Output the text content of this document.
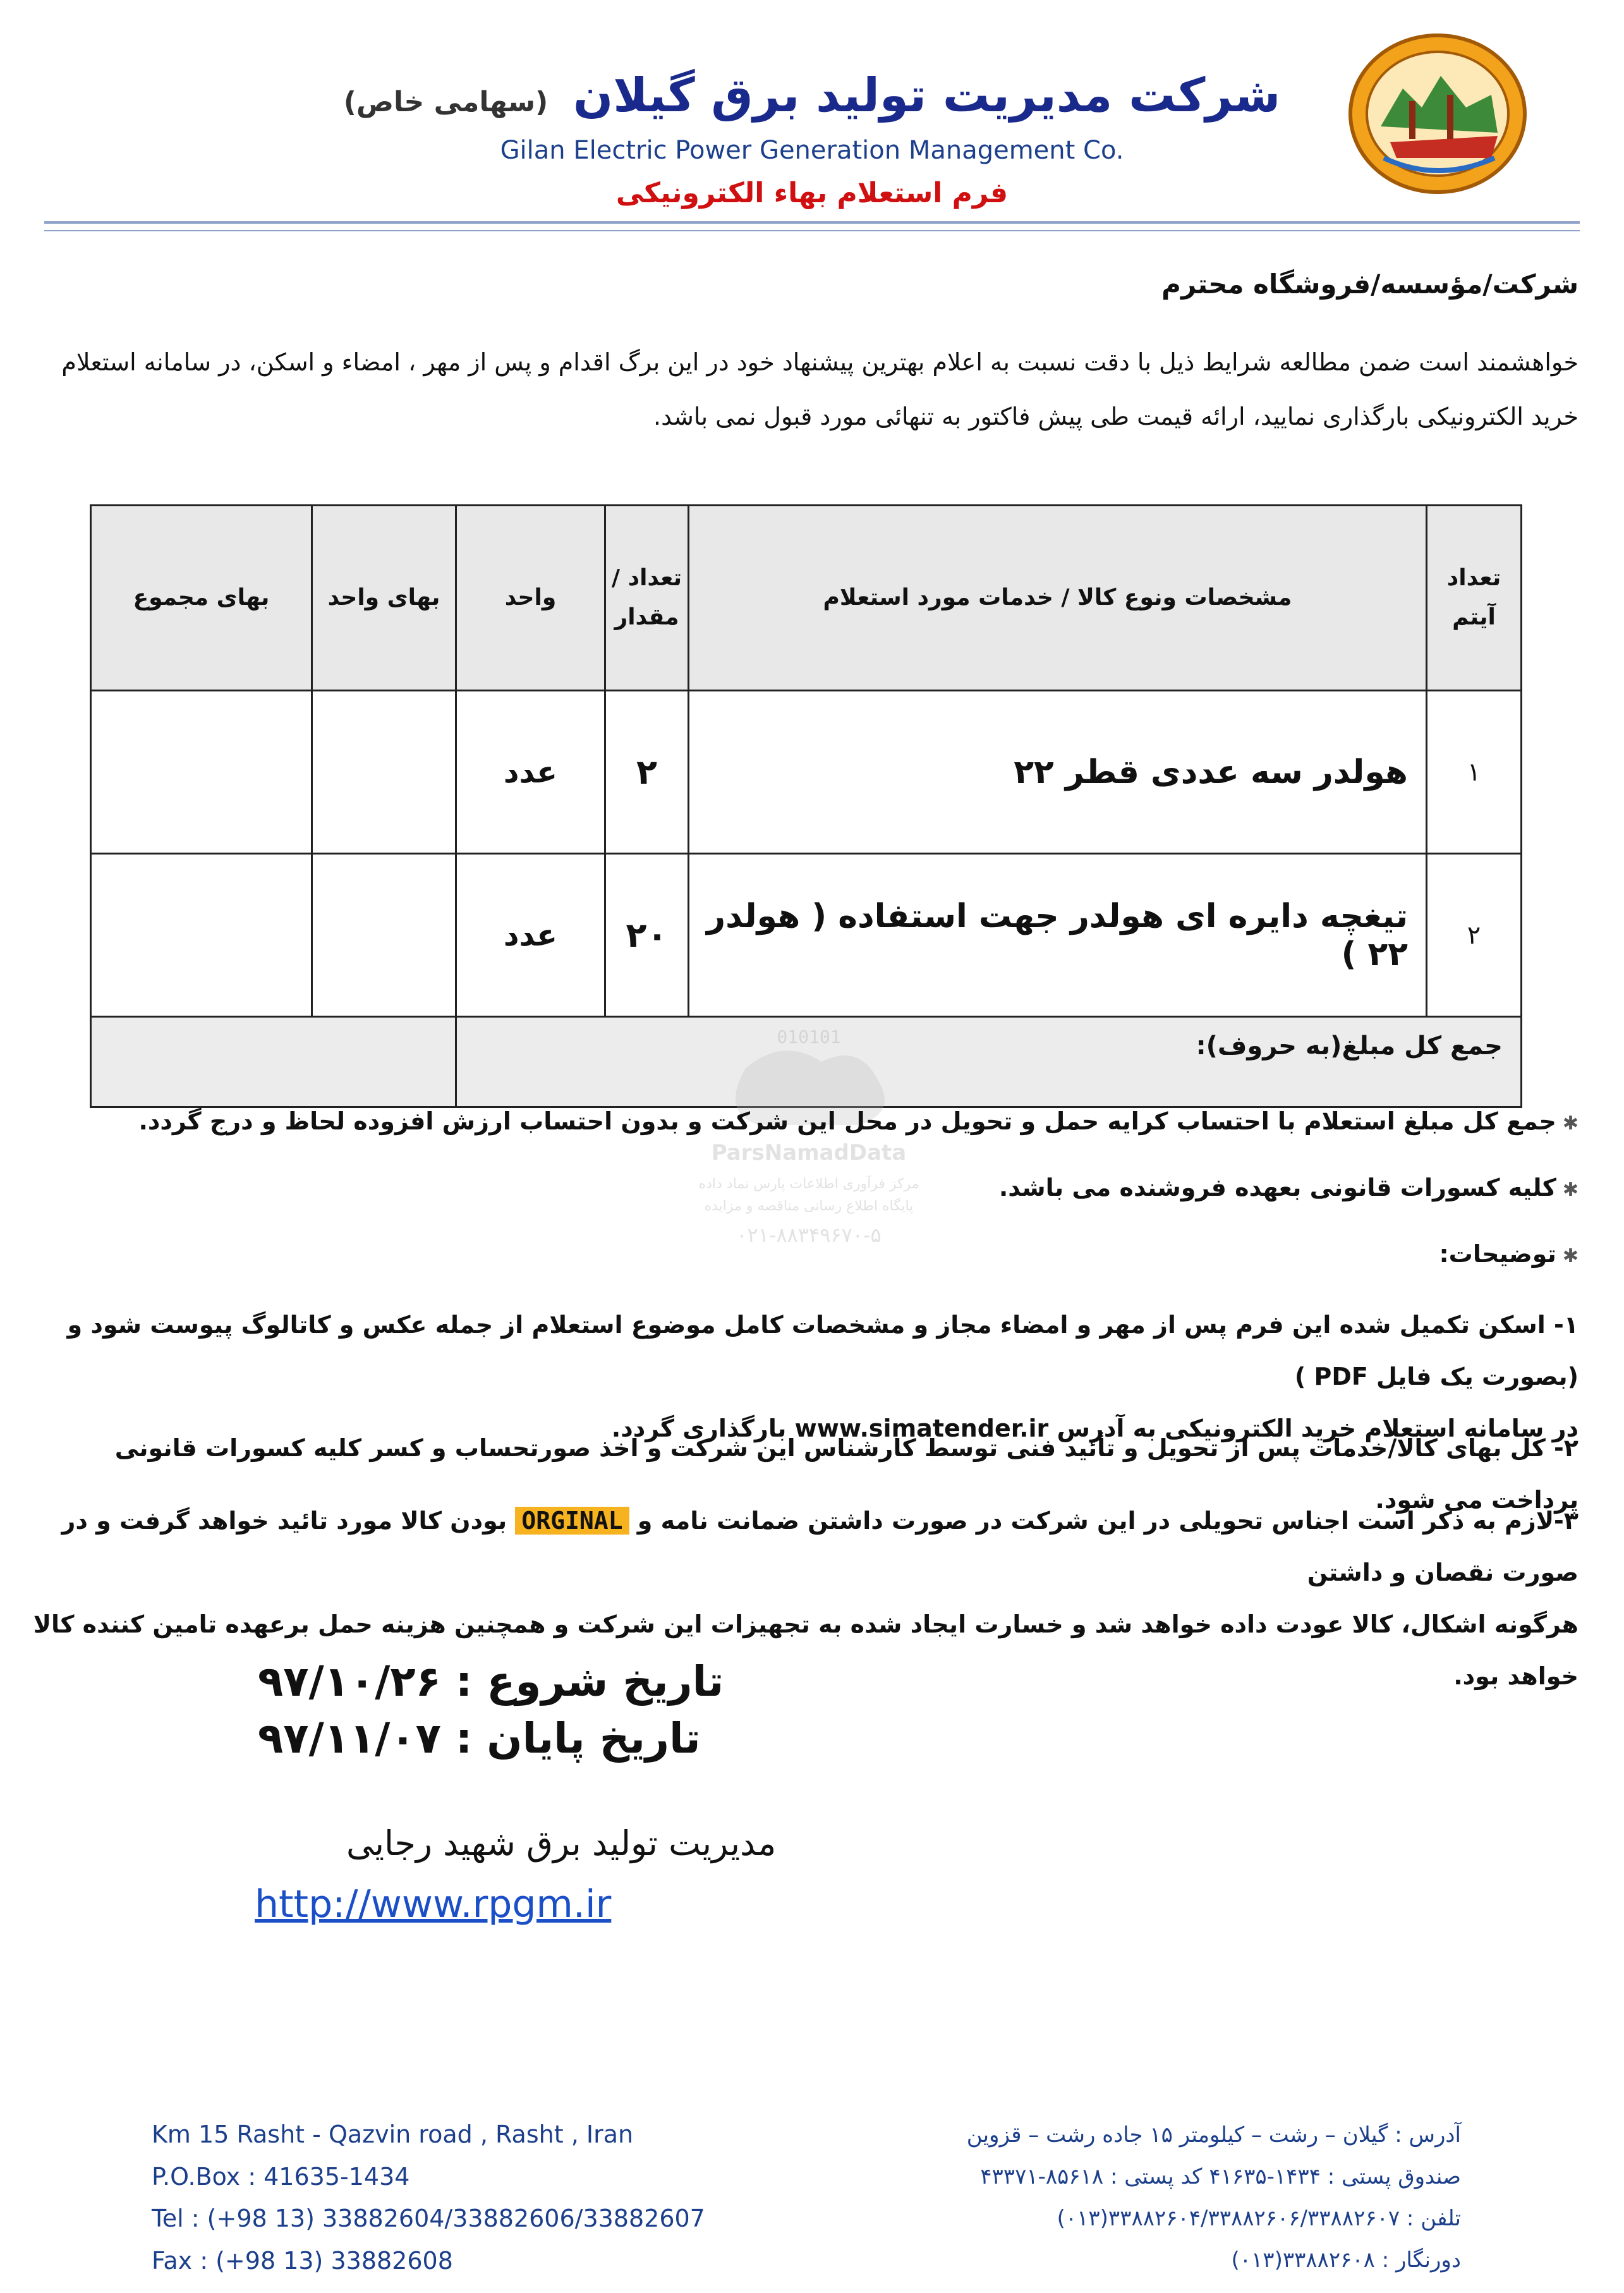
شرکت مدیریت تولید برق گیلان (سهامی خاص)
Gilan Electric Power Generation Management Co.
فرم استعلام بهاء الکترونیکی
شرکت/مؤسسه/فروشگاه محترم
خواهشمند است ضمن مطالعه شرایط ذیل با دقت نسبت به اعلام بهترین پیشنهاد خود در این برگ اقدام و پس از مهر ، امضاء و اسکن، در سامانه استعلام خرید الکترونیکی بارگذاری نمایید، ارائه قیمت طی پیش فاکتور به تنهائی مورد قبول نمی باشد.
تعداد آیتم	مشخصات ونوع کالا / خدمات مورد استعلام	تعداد / مقدار	واحد	بهای واحد	بهای مجموع
۱	هولدر سه عددی قطر ۲۲	۲	عدد		
۲	تیغچه دایره ای هولدر جهت استفاده ( هولدر ۲۲ )	۲۰	عدد		
جمع کل مبلغ(به حروف):					
010101
ParsNamadData
مرکز فرآوری اطلاعات پارس نماد داده
پایگاه اطلاع رسانی مناقصه و مزایده
۰۲۱-۸۸۳۴۹۶۷۰-۵
✱جمع کل مبلغ استعلام با احتساب کرایه حمل و تحویل در محل این شرکت و بدون احتساب ارزش افزوده لحاظ و درج گردد.
✱کلیه کسورات قانونی بعهده فروشنده می باشد.
✱توضیحات:
۱- اسکن تکمیل شده این فرم پس از مهر و امضاء مجاز و مشخصات کامل موضوع استعلام از جمله عکس و کاتالوگ پیوست شود و (بصورت یک فایل PDF )
در سامانه استعلام خرید الکترونیکی به آدرس www.simatender.ir بارگذاری گردد.
۲- کل بهای کالا/خدمات پس از تحویل و تأئید فنی توسط کارشناس این شرکت و اخذ صورتحساب و کسر کلیه کسورات قانونی پرداخت می شود.
۳-لازم به ذکر است اجناس تحویلی در این شرکت در صورت داشتن ضمانت نامه و ORGINAL بودن کالا مورد تائید خواهد گرفت و در صورت نقصان و داشتن
هرگونه اشکال، کالا عودت داده خواهد شد و خسارت ایجاد شده به تجهیزات این شرکت و همچنین هزینه حمل برعهده تامین کننده کالا خواهد بود.
تاریخ شروع : ۹۷/۱۰/۲۶
تاریخ پایان : ۹۷/۱۱/۰۷
مدیریت تولید برق شهید رجایی
http://www.rpgm.ir
Km 15 Rasht - Qazvin road , Rasht , Iran
P.O.Box : 41635-1434
Tel : (+98 13) 33882604/33882606/33882607
Fax : (+98 13) 33882608
آدرس : گیلان – رشت – کیلومتر ۱۵ جاده رشت – قزوین
صندوق پستی : ۱۴۳۴-۴۱۶۳۵ کد پستی : ۸۵۶۱۸-۴۳۳۷۱
تلفن : ۳۳۸۸۲۶۰۴/۳۳۸۸۲۶۰۶/۳۳۸۸۲۶۰۷(۰۱۳)
دورنگار : ۳۳۸۸۲۶۰۸(۰۱۳)
